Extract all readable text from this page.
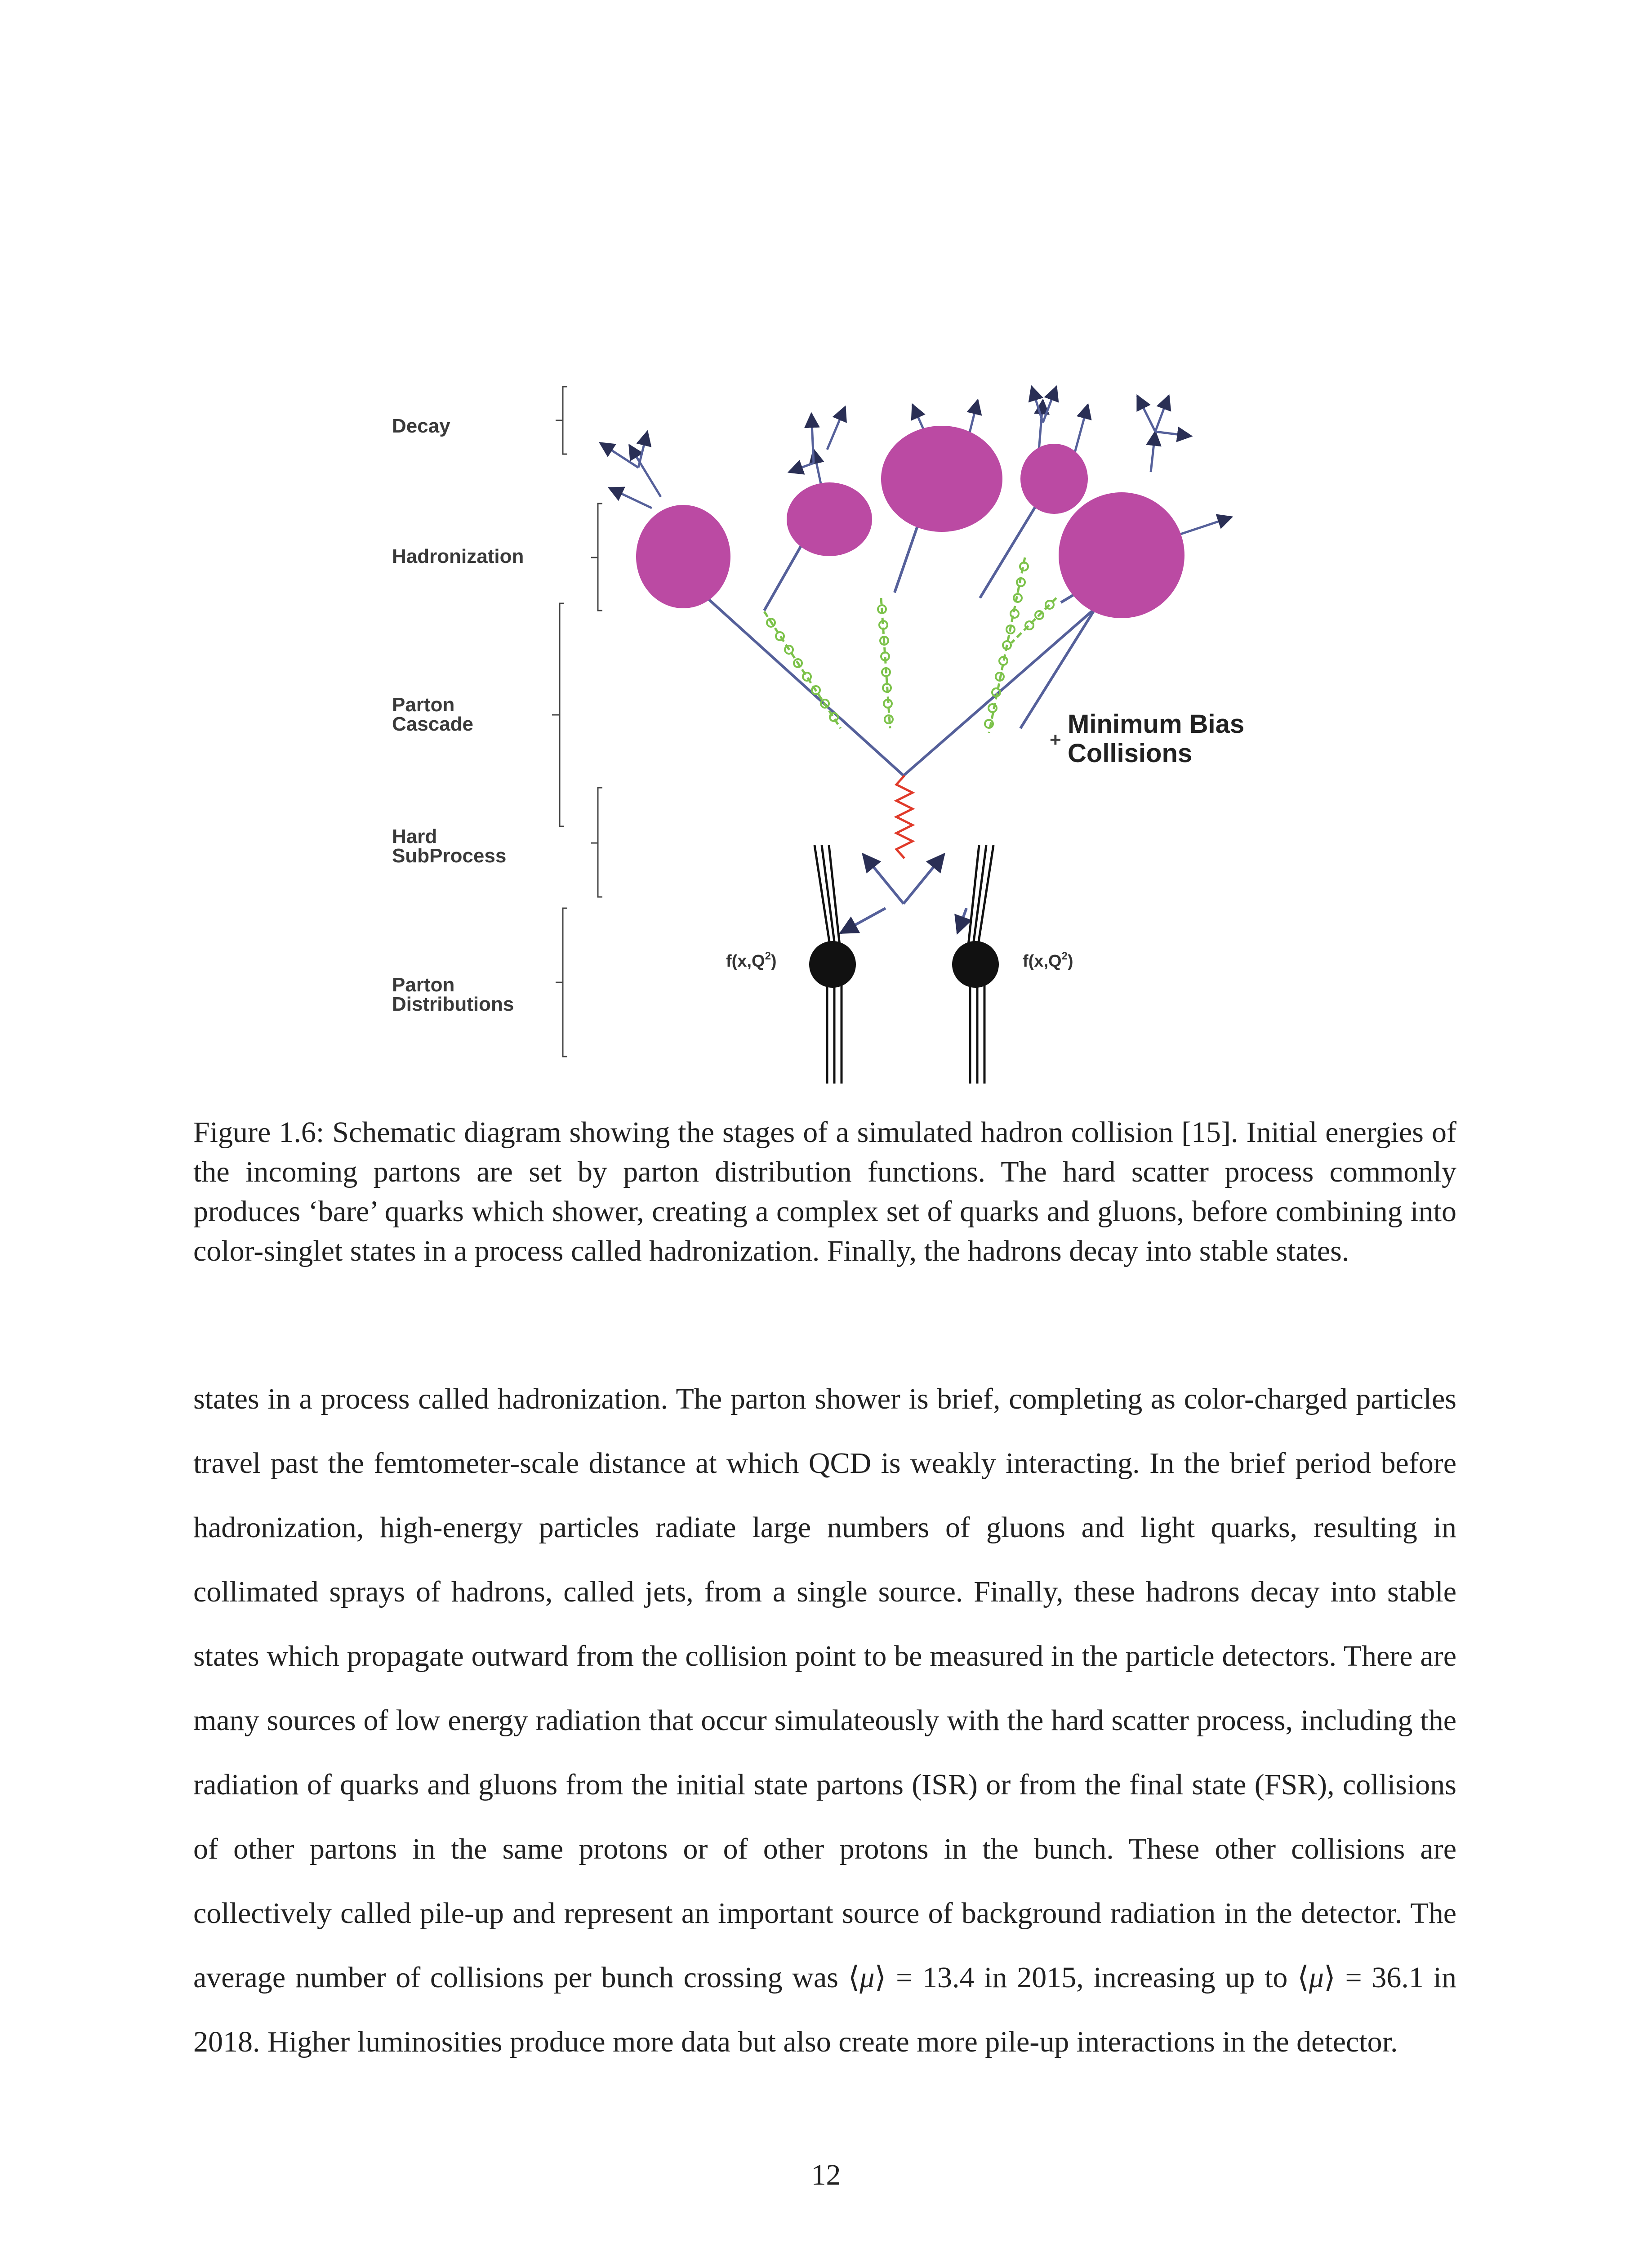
Decay
Hadronization
Parton
Cascade
Hard
SubProcess
Parton
Distributions
$f(x,Q^2)$	$f(x,Q^2)$
+
Minimum Bias
Collisions
Figure 1.6: Schematic diagram showing the stages of a simulated hadron collision [15]. Initial energies of the incoming partons are set by parton distribution functions. The hard scatter process commonly produces ‘bare’ quarks which shower, creating a complex set of quarks and gluons, before combining into color-singlet states in a process called hadronization. Finally, the hadrons decay into stable states.
states in a process called hadronization. The parton shower is brief, completing as color-charged particles travel past the femtometer-scale distance at which QCD is weakly interacting. In the brief period before hadronization, high-energy particles radiate large numbers of gluons and light quarks, resulting in collimated sprays of hadrons, called jets, from a single source. Finally, these hadrons decay into stable states which propagate outward from the collision point to be measured in the particle detectors. There are many sources of low energy radiation that occur simulateously with the hard scatter process, including the radiation of quarks and gluons from the initial state partons (ISR) or from the final state (FSR), collisions of other partons in the same protons or of other protons in the bunch. These other collisions are collectively called pile-up and represent an important source of background radiation in the detector. The average number of collisions per bunch crossing was ⟨μ⟩ = 13.4 in 2015, increasing up to ⟨μ⟩ = 36.1 in 2018. Higher luminosities produce more data but also create more pile-up interactions in the detector.
12
